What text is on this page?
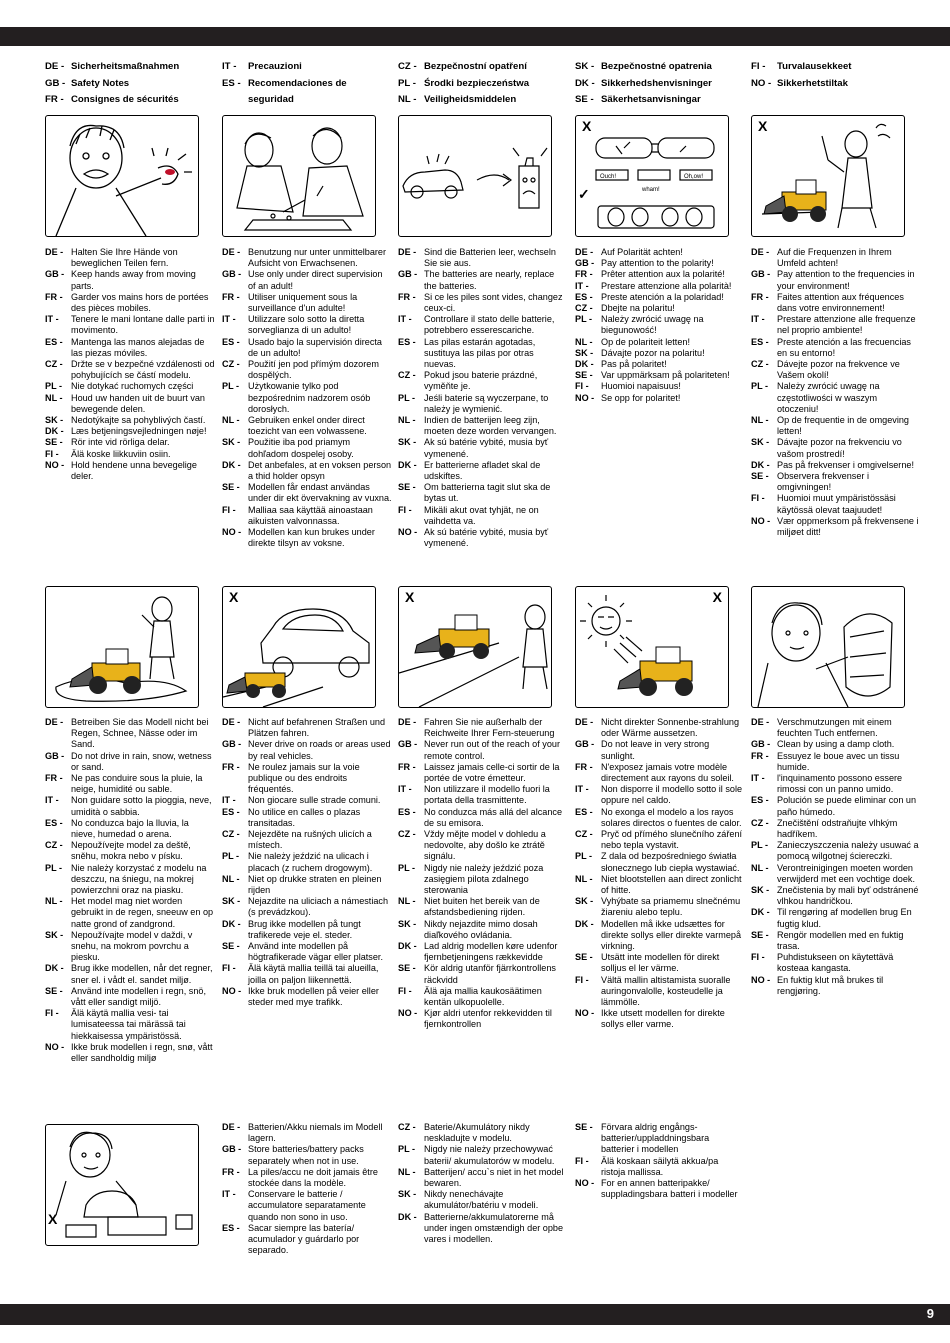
DE - Sicherheitsmaßnahmen
GB - Safety Notes
FR - Consignes de sécurités
IT -	Precauzioni
ES - Recomendaciones de seguridad
CZ - Bezpečnostní opatření
PL - Środki bezpieczeństwa
NL - Veiligheidsmiddelen
SK - Bezpečnostné opatrenia
DK - Sikkerhedshenvisninger
SE - Säkerhetsanvisningar
FI -	Turvalausekkeet
NO - Sikkerhetstiltak
X
✓
Ouch!
wham!
Oh,ow!
X
DE - Halten Sie Ihre Hände von beweglichen Teilen fern.
GB - Keep hands away from moving parts.
FR - Garder vos mains hors de portées des pièces mobiles.
IT -	Tenere le mani lontane dalle parti in movimento.
ES - Mantenga las manos alejadas de las piezas móviles.
CZ - Držte se v bezpečné vzdálenosti od pohybujících se částí modelu.
PL - Nie dotykać ruchomych części
NL - Houd uw handen uit de buurt van bewegende delen.
SK - Nedotýkajte sa pohyblivých častí.
DK - Læs betjeningsvejledningen nøje!
SE - Rör inte vid rörliga delar.
FI -	Älä koske liikkuviin osiin.
NO - Hold hendene unna bevegelige deler.
DE - Benutzung nur unter unmittelbarer Aufsicht von Erwachsenen.
GB - Use only under direct supervision of an adult!
FR - Utiliser uniquement sous la surveillance d'un adulte!
IT -	Utilizzare solo sotto la diretta sorveglianza di un adulto!
ES - Usado bajo la supervisión directa de un adulto!
CZ - Použití jen pod přímým dozorem dospělých.
PL - Użytkowanie tylko pod bezpośrednim nadzorem osób dorosłych.
NL - Gebruiken enkel onder direct toezicht van een volwassene.
SK - Použitie iba pod priamym dohľadom dospelej osoby.
DK - Det anbefales, at en voksen person a thid holder opsyn
SE - Modellen får endast användas under dir ekt övervakning av vuxna.
FI -	Malliaa saa käyttää ainoastaan aikuisten valvonnassa.
NO - Modellen kan kun brukes under direkte tilsyn av voksne.
DE - Sind die Batterien leer, wechseln Sie sie aus.
GB - The batteries are nearly, replace the batteries.
FR - Si ce les piles sont vides, changez ceux-ci.
IT -	Controllare il stato delle batterie, potrebbero esserescariche.
ES - Las pilas estarán agotadas, sustituya las pilas por otras nuevas.
CZ - Pokud jsou baterie prázdné, vyměňte je.
PL - Jeśli baterie są wyczerpane, to należy je wymienić.
NL - Indien de batterijen leeg zijn, moeten deze worden vervangen.
SK - Ak sú batérie vybité, musia byť vymenené.
DK - Er batterierne afladet skal de udskiftes.
SE - Om batterierna tagit slut ska de bytas ut.
FI -	Mikäli akut ovat tyhjät, ne on vaihdetta va.
NO - Ak sú batérie vybité, musia byť vymenené.
DE - Auf Polarität achten!
GB - Pay attention to the polarity!
FR - Prêter attention aux la polarité!
IT -	Prestare attenzione alla polarità!
ES - Preste atención a la polaridad!
CZ - Dbejte na polaritu!
PL - Należy zwrócić uwagę na biegunowość!
NL - Op de polariteit letten!
SK - Dávajte pozor na polaritu!
DK - Pas på polaritet!
SE - Var uppmärksam på polariteten!
FI -	Huomioi napaisuus!
NO - Se opp for polaritet!
DE - Auf die Frequenzen in Ihrem Umfeld achten!
GB - Pay attention to the frequencies in your environment!
FR - Faites attention aux fréquences dans votre environnement!
IT -	Prestare attenzione alle frequenze nel proprio ambiente!
ES - Preste atención a las frecuencias en su entorno!
CZ - Dávejte pozor na frekvence ve Vašem okolí!
PL - Należy zwrócić uwagę na częstotliwości w waszym otoczeniu!
NL - Op de frequentie in de omgeving letten!
SK - Dávajte pozor na frekvenciu vo vašom prostredí!
DK - Pas på frekvenser i omgivelserne!
SE - Observera frekvenser i omgivningen!
FI -	Huomioi muut ympäristössäsi käytössä olevat taajuudet!
NO - Vær oppmerksom på frekvensene i miljøet ditt!
X	X	X
DE - Betreiben Sie das Modell nicht bei Regen, Schnee, Nässe oder im Sand.
GB - Do not drive in rain, snow, wetness or sand.
FR - Ne pas conduire sous la pluie, la neige, humidité ou sable.
IT -	Non guidare sotto la pioggia, neve, umidità o sabbia.
ES - No conduzca bajo la lluvia, la nieve, humedad o arena.
CZ - Nepoužívejte model za deště, sněhu, mokra nebo v písku.
PL - Nie należy korzystać z modelu na deszczu, na śniegu, na mokrej powierzchni oraz na piasku.
NL - Het model mag niet worden gebruikt in de regen, sneeuw en op natte grond of zandgrond.
SK - Nepoužívajte model v daždi, v snehu, na mokrom povrchu a piesku.
DK - Brug ikke modellen, når det regner, sner el. i vådt el. sandet miljø.
SE - Använd inte modellen i regn, snö, vått eller sandigt miljö.
FI -	Älä käytä mallia vesi- tai lumisateessa tai märässä tai hiekkaisessa ympäristössä.
NO - Ikke bruk modellen i regn, snø, vått eller sandholdig miljø
DE - Nicht auf befahrenen Straßen und Plätzen fahren.
GB - Never drive on roads or areas used by real vehicles.
FR - Ne roulez jamais sur la voie publique ou des endroits fréquentés.
IT -	Non giocare sulle strade comuni.
ES - No utilice en calles o plazas transitadas.
CZ - Nejezděte na rušných ulicích a místech.
PL - Nie należy jeździć na ulicach i placach (z ruchem drogowym).
NL - Niet op drukke straten en pleinen rijden
SK - Nejazdite na uliciach a námestiach (s prevádzkou).
DK - Brug ikke modellen på tungt trafikerede veje el. steder.
SE - Använd inte modellen på högtrafikerade vägar eller platser.
FI -	Älä käytä mallia teillä tai alueilla, joilla on paljon liikennettä.
NO - Ikke bruk modellen på veier eller steder med mye trafikk.
DE - Fahren Sie nie außerhalb der Reichweite Ihrer Fern-steuerung
GB - Never run out of the reach of your remote control.
FR - Laissez jamais celle-ci sortir de la portée de votre émetteur.
IT -	Non utilizzare il modello fuori la portata della trasmittente.
ES - No conduzca más allá del alcance de su emisora.
CZ - Vždy mějte model v dohledu a nedovolte, aby došlo ke ztrátě signálu.
PL - Nigdy nie należy jeździć poza zasięgiem pilota zdalnego sterowania
NL - Niet buiten het bereik van de afstandsbediening rijden.
SK - Nikdy nejazdite mimo dosah diaľkového ovládania.
DK - Lad aldrig modellen køre udenfor fjernbetjeningens rækkevidde
SE - Kör aldrig utanför fjärrkontrollens räckvidd
FI -	Älä aja mallia kaukosäätimen kentän ulkopuolelle.
NO - Kjør aldri utenfor rekkevidden til fjernkontrollen
DE - Nicht direkter Sonnenbe-strahlung oder Wärme aussetzen.
GB - Do not leave in very strong sunlight.
FR - N'exposez jamais votre modèle directement aux rayons du soleil.
IT -	Non disporre il modello sotto il sole oppure nel caldo.
ES - No exonga el modelo a los rayos solares directos o fuentes de calor.
CZ - Pryč od přímého slunečního záření nebo tepla vystavit.
PL - Z dala od bezpośredniego światła słonecznego lub ciepła wystawiać.
NL - Niet blootstellen aan direct zonlicht of hitte.
SK - Vyhýbate sa priamemu slnečnému žiareniu alebo teplu.
DK - Modellen må ikke udsættes for direkte sollys eller direkte varmepå virkning.
SE - Utsätt inte modellen för direkt solljus el ler värme.
FI -	Vältä mallin altistamista suoralle auringonvalolle, kosteudelle ja lämmölle.
NO - Ikke utsett modellen for direkte sollys eller varme.
DE - Verschmutzungen mit einem feuchten Tuch entfernen.
GB - Clean by using a damp cloth.
FR - Essuyez le boue avec un tissu humide.
IT -	l'inquinamento possono essere rimossi con un panno umido.
ES - Polución se puede eliminar con un paño húmedo.
CZ - Znečištění odstraňujte vlhkým hadříkem.
PL - Zanieczyszczenia należy usuwać a pomocą wilgotnej ściereczki.
NL - Verontreinigingen moeten worden verwijderd met een vochtige doek.
SK - Znečistenia by mali byť odstránené vlhkou handričkou.
DK - Til rengøring af modellen brug En fugtig klud.
SE - Rengör modellen med en fuktig trasa.
FI -	Puhdistukseen on käytettävä kosteaa kangasta.
NO - En fuktig klut må brukes til rengjøring.
X
DE - Batterien/Akku niemals im Modell lagern.
GB - Store batteries/battery packs separately when not in use.
FR - La piles/accu ne doit jamais être stockée dans la modèle.
IT -	Conservare le batterie / accumulatore separatamente quando non sono in uso.
ES - Sacar siempre las batería/ acumulador y guárdarlo por separado.
CZ - Baterie/Akumulátory nikdy neskladujte v modelu.
PL - Nigdy nie należy przechowywać baterii/ akumulatorów w modelu.
NL - Batterijen/ accu`s niet in het model bewaren.
SK - Nikdy nenechávajte akumulátor/batériu v modeli.
DK - Batterierne/akkumulatorerne må under ingen omstændigh der opbe vares i modellen.
SE - Förvara aldrig engångs-batterier/uppladdningsbara batterier i modellen
FI -	Älä koskaan säilytä akkua/pa ristoja mallissa.
NO - For en annen batteripakke/ suppladingsbara batteri i modeller
9
